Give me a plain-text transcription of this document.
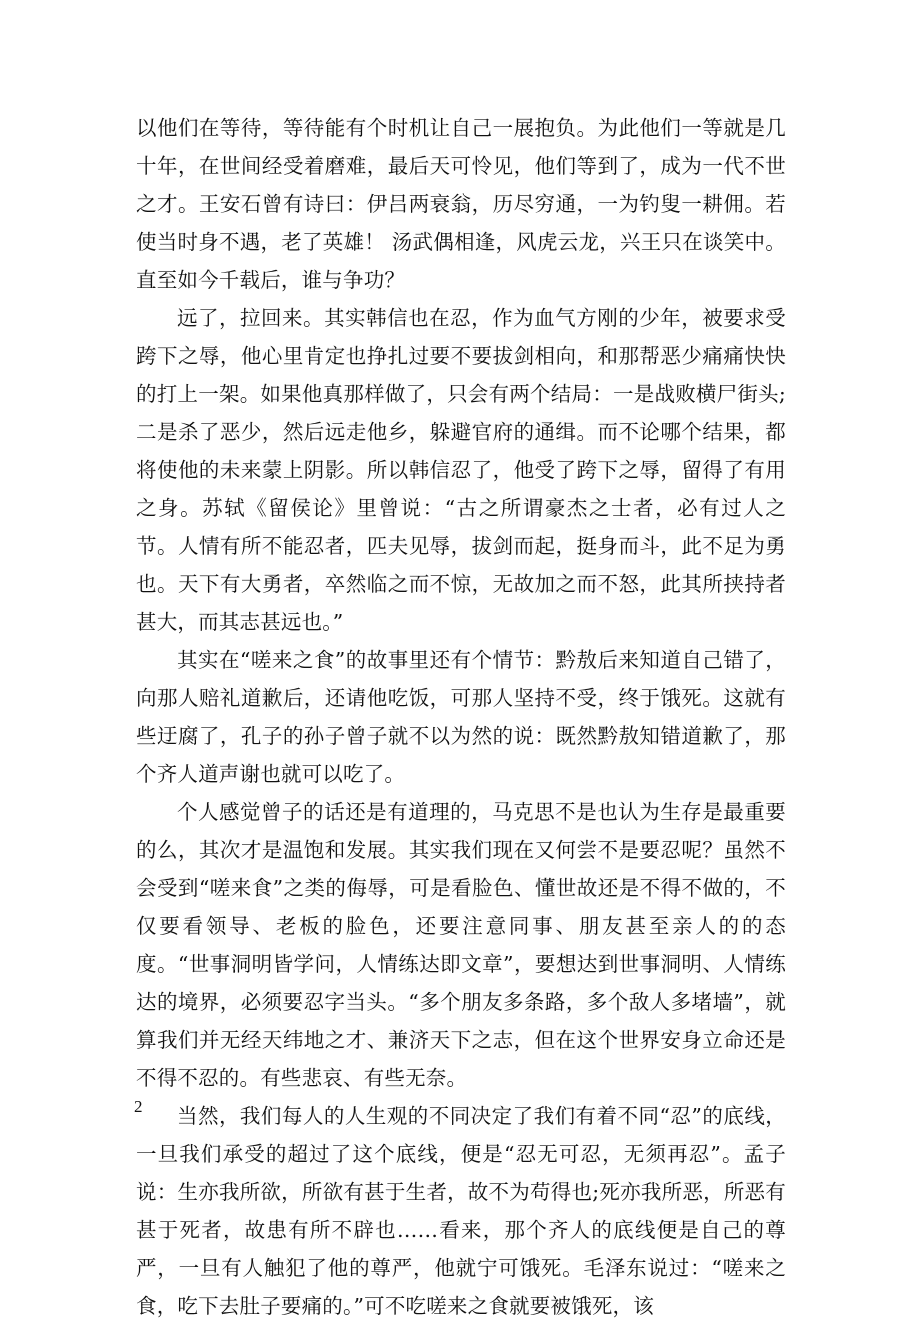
以他们在等待，等待能有个时机让自己一展抱负。为此他们一等就是几十年，在世间经受着磨难，最后天可怜见，他们等到了，成为一代不世之才。王安石曾有诗曰：伊吕两衰翁，历尽穷通，一为钓叟一耕佣。若使当时身不遇，老了英雄！ 汤武偶相逢，风虎云龙，兴王只在谈笑中。直至如今千载后，谁与争功？

远了，拉回来。其实韩信也在忍，作为血气方刚的少年，被要求受跨下之辱，他心里肯定也挣扎过要不要拔剑相向，和那帮恶少痛痛快快的打上一架。如果他真那样做了，只会有两个结局：一是战败横尸街头;二是杀了恶少，然后远走他乡，躲避官府的通缉。而不论哪个结果，都将使他的未来蒙上阴影。所以韩信忍了，他受了跨下之辱，留得了有用之身。苏轼《留侯论》里曾说：“古之所谓豪杰之士者，必有过人之节。人情有所不能忍者，匹夫见辱，拔剑而起，挺身而斗，此不足为勇也。天下有大勇者，卒然临之而不惊，无故加之而不怒，此其所挟持者甚大，而其志甚远也。”

其实在“嗟来之食”的故事里还有个情节：黔敖后来知道自己错了，向那人赔礼道歉后，还请他吃饭，可那人坚持不受，终于饿死。这就有些迂腐了，孔子的孙子曾子就不以为然的说：既然黔敖知错道歉了，那个齐人道声谢也就可以吃了。

个人感觉曾子的话还是有道理的，马克思不是也认为生存是最重要的么，其次才是温饱和发展。其实我们现在又何尝不是要忍呢？虽然不会受到“嗟来食”之类的侮辱，可是看脸色、懂世故还是不得不做的，不仅要看领导、老板的脸色，还要注意同事、朋友甚至亲人的的态度。“世事洞明皆学问，人情练达即文章”，要想达到世事洞明、人情练达的境界，必须要忍字当头。“多个朋友多条路，多个敌人多堵墙”，就算我们并无经天纬地之才、兼济天下之志，但在这个世界安身立命还是不得不忍的。有些悲哀、有些无奈。

当然，我们每人的人生观的不同决定了我们有着不同“忍”的底线，一旦我们承受的超过了这个底线，便是“忍无可忍，无须再忍”。孟子说：生亦我所欲，所欲有甚于生者，故不为苟得也;死亦我所恶，所恶有甚于死者，故患有所不辟也……看来，那个齐人的底线便是自己的尊严，一旦有人触犯了他的尊严，他就宁可饿死。毛泽东说过：“嗟来之食，吃下去肚子要痛的。”可不吃嗟来之食就要被饿死，该

2
